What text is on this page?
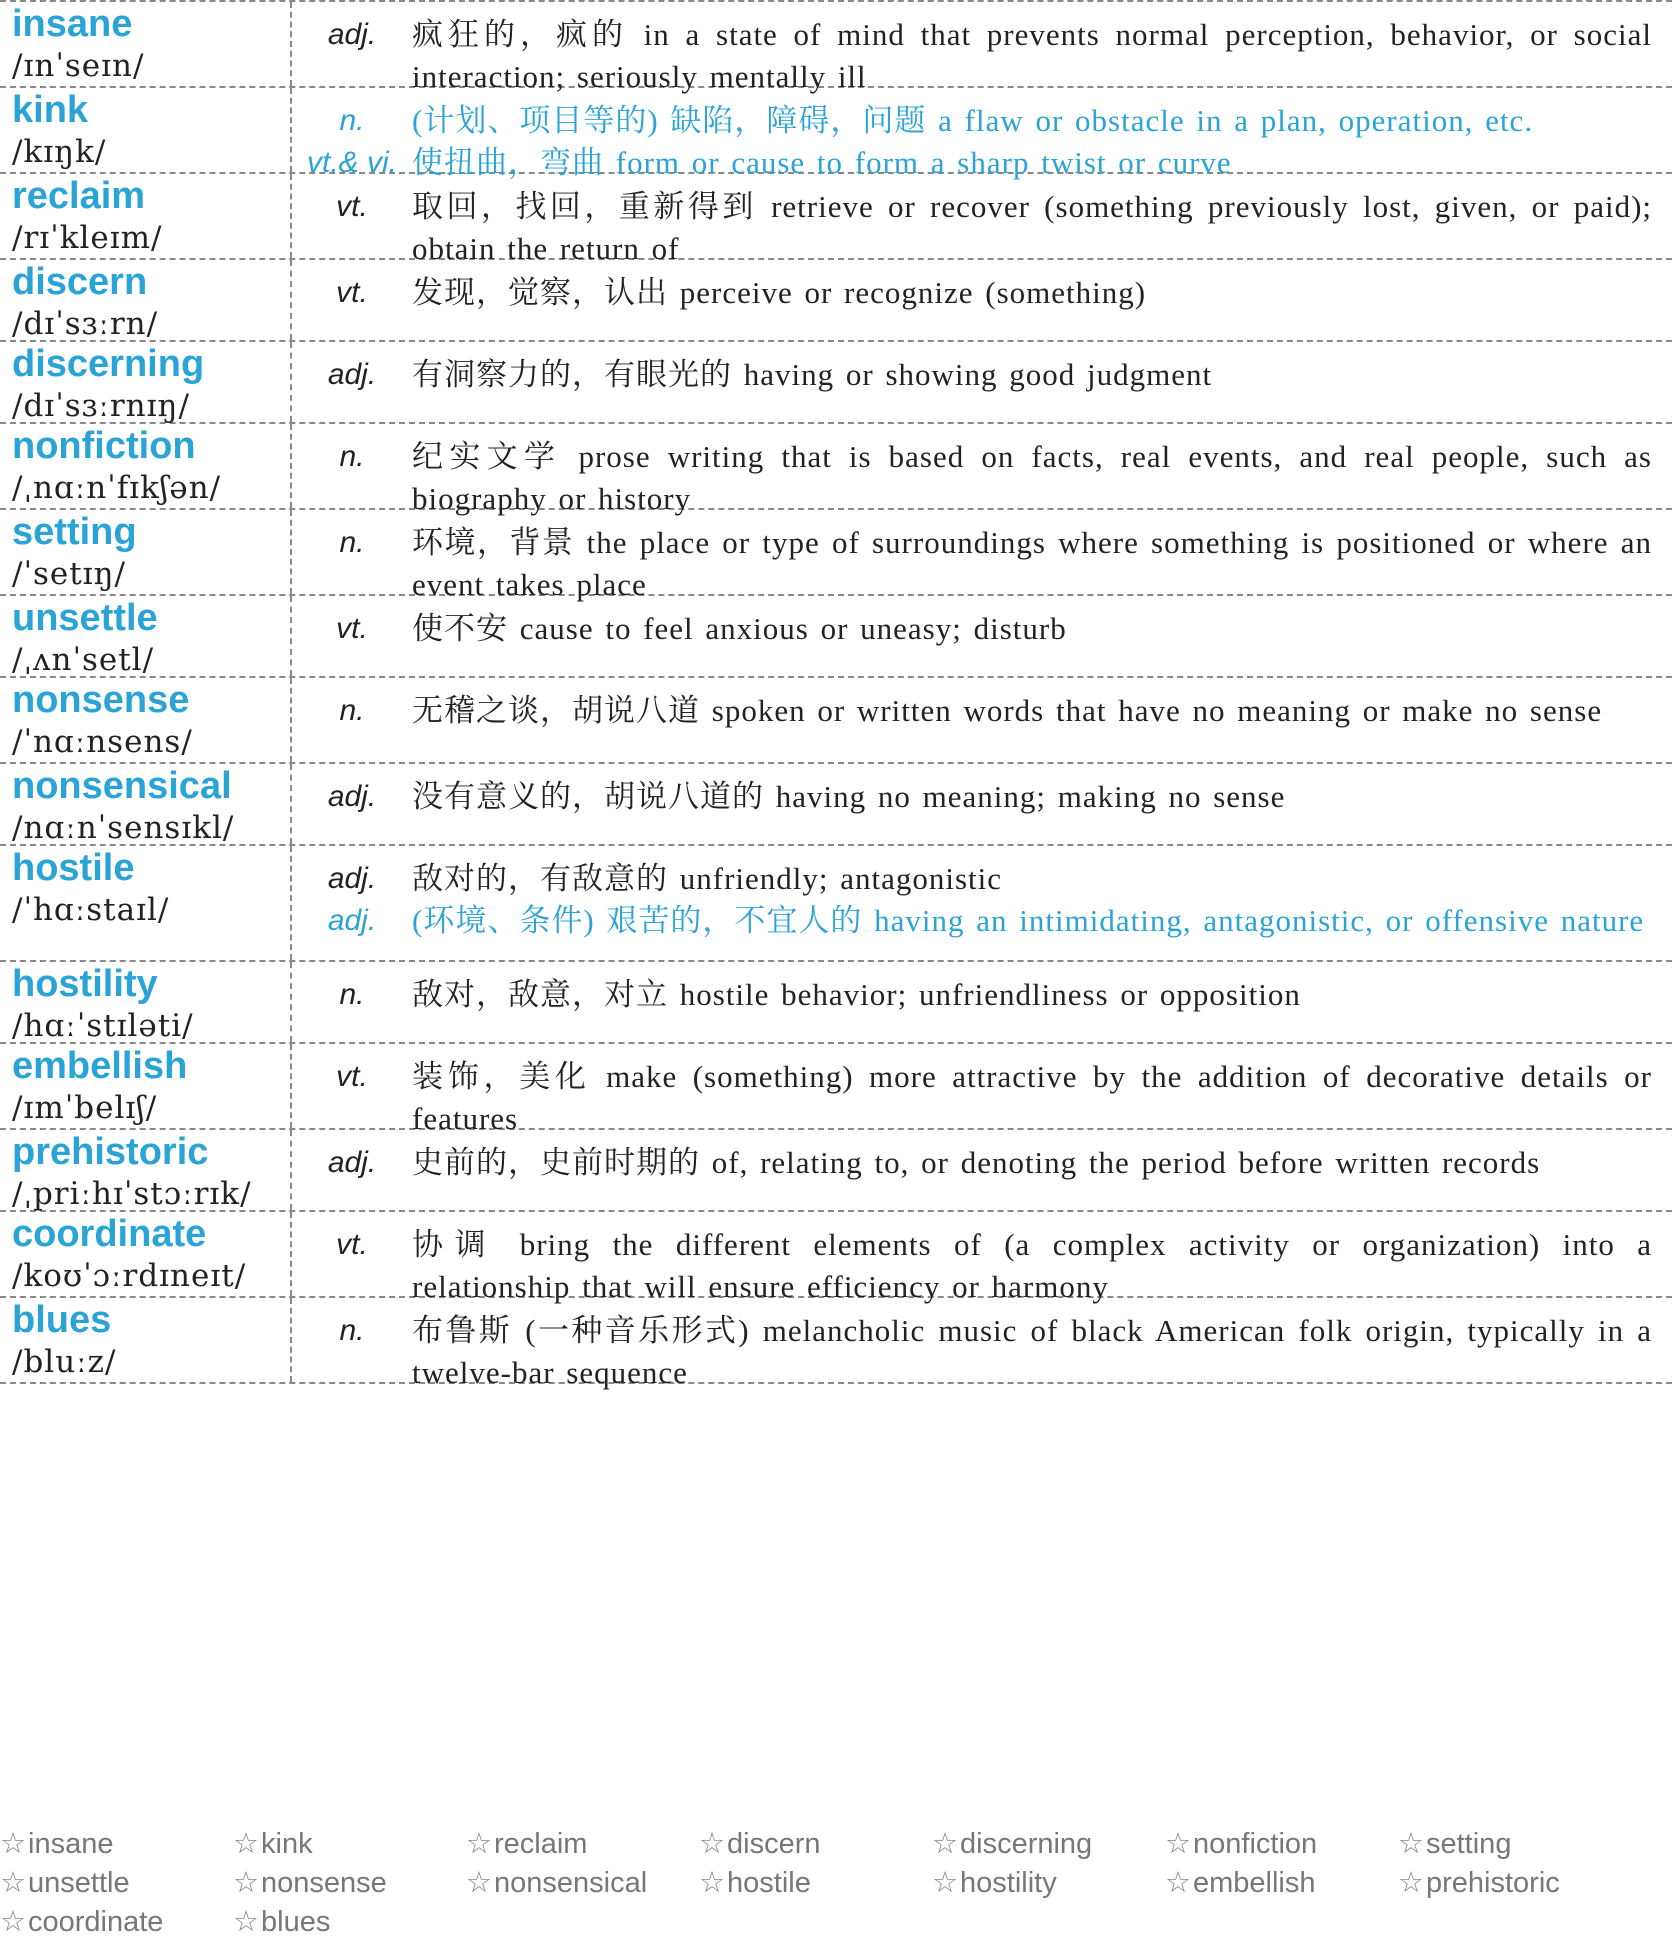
insane
/ɪnˈseɪn/
adj.	疯狂的，疯的 in a state of mind that prevents normal perception, behavior, or social interaction; seriously mentally ill
kink
/kɪŋk/
n.	(计划、项目等的) 缺陷，障碍，问题 a flaw or obstacle in a plan, operation, etc.
vt.& vi. 使扭曲，弯曲 form or cause to form a sharp twist or curve
reclaim
/rɪˈkleɪm/
vt.	取回，找回，重新得到 retrieve or recover (something previously lost, given, or paid); obtain the return of
discern
/dɪˈsɜːrn/
vt.	发现，觉察，认出 perceive or recognize (something)
discerning
/dɪˈsɜːrnɪŋ/
adj.	有洞察力的，有眼光的 having or showing good judgment
nonfiction
/ˌnɑːnˈfɪkʃən/
n.	纪实文学 prose writing that is based on facts, real events, and real people, such as biography or history
setting
/ˈsetɪŋ/
n.	环境，背景 the place or type of surroundings where something is positioned or where an event takes place
unsettle
/ˌʌnˈsetl/
vt.	使不安 cause to feel anxious or uneasy; disturb
nonsense
/ˈnɑːnsens/
n.	无稽之谈，胡说八道 spoken or written words that have no meaning or make no sense
nonsensical
/nɑːnˈsensɪkl/
adj.	没有意义的，胡说八道的 having no meaning; making no sense
hostile
/ˈhɑːstaɪl/
adj.	敌对的，有敌意的 unfriendly; antagonistic
adj.	(环境、条件) 艰苦的，不宜人的 having an intimidating, antagonistic, or offensive nature
hostility
/hɑːˈstɪləti/
n.	敌对，敌意，对立 hostile behavior; unfriendliness or opposition
embellish
/ɪmˈbelɪʃ/
vt.	装饰，美化 make (something) more attractive by the addition of decorative details or features
prehistoric
/ˌpriːhɪˈstɔːrɪk/
adj.	史前的，史前时期的 of, relating to, or denoting the period before written records
coordinate
/koʊˈɔːrdɪneɪt/
vt.	协调 bring the different elements of (a complex activity or organization) into a relationship that will ensure efficiency or harmony
blues
/bluːz/
n.	布鲁斯 (一种音乐形式) melancholic music of black American folk origin, typically in a twelve-bar sequence
☆insane	☆kink	☆reclaim	☆discern	☆discerning	☆nonfiction	☆setting
☆unsettle	☆nonsense	☆nonsensical	☆hostile	☆hostility	☆embellish	☆prehistoric
☆coordinate	☆blues
